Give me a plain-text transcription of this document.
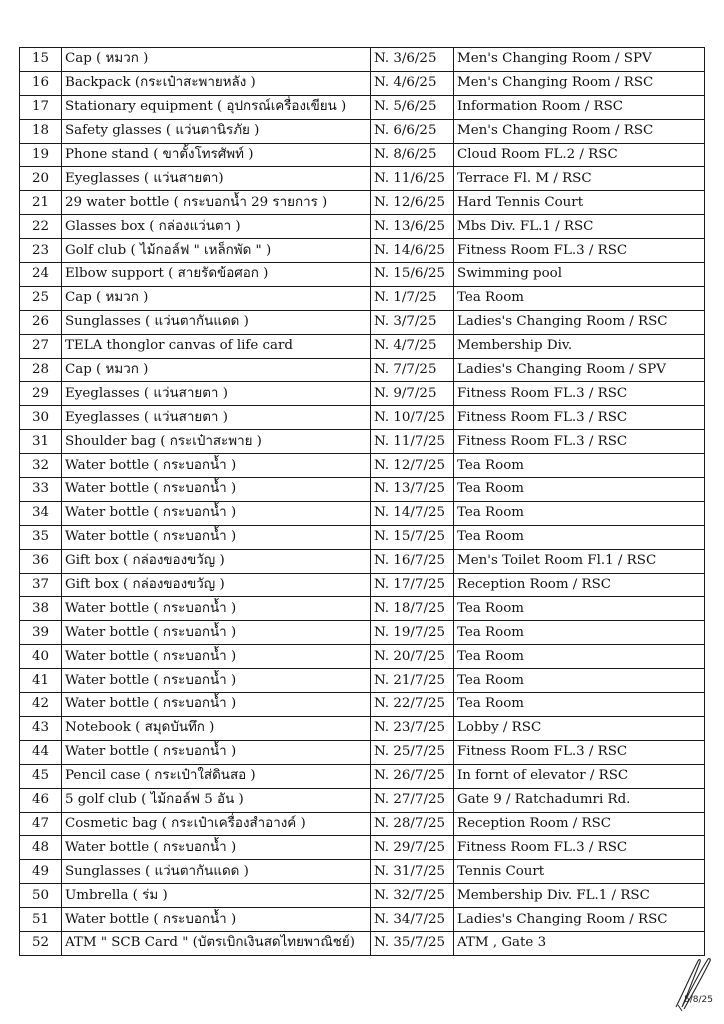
15	Cap ( หมวก )	N. 3/6/25	Men's Changing Room / SPV
16	Backpack (กระเป๋าสะพายหลัง )	N. 4/6/25	Men's Changing Room / RSC
17	Stationary equipment ( อุปกรณ์เครื่องเขียน )	N. 5/6/25	Information Room / RSC
18	Safety glasses ( แว่นตานิรภัย )	N. 6/6/25	Men's Changing Room / RSC
19	Phone stand ( ขาตั้งโทรศัพท์ )	N. 8/6/25	Cloud Room FL.2 / RSC
20	Eyeglasses ( แว่นสายตา)	N. 11/6/25	Terrace Fl. M / RSC
21	29 water bottle ( กระบอกน้ำ 29 รายการ )	N. 12/6/25	Hard Tennis Court
22	Glasses box ( กล่องแว่นตา )	N. 13/6/25	Mbs Div. FL.1 / RSC
23	Golf club ( ไม้กอล์ฟ " เหล็กพัด " )	N. 14/6/25	Fitness Room FL.3 / RSC
24	Elbow support ( สายรัดข้อศอก )	N. 15/6/25	Swimming pool
25	Cap ( หมวก )	N. 1/7/25	Tea Room
26	Sunglasses ( แว่นตากันแดด )	N. 3/7/25	Ladies's Changing Room / RSC
27	TELA thonglor canvas of life card	N. 4/7/25	Membership Div.
28	Cap ( หมวก )	N. 7/7/25	Ladies's Changing Room / SPV
29	Eyeglasses ( แว่นสายตา )	N. 9/7/25	Fitness Room FL.3 / RSC
30	Eyeglasses ( แว่นสายตา )	N. 10/7/25	Fitness Room FL.3 / RSC
31	Shoulder bag ( กระเป๋าสะพาย )	N. 11/7/25	Fitness Room FL.3 / RSC
32	Water bottle ( กระบอกน้ำ )	N. 12/7/25	Tea Room
33	Water bottle ( กระบอกน้ำ )	N. 13/7/25	Tea Room
34	Water bottle ( กระบอกน้ำ )	N. 14/7/25	Tea Room
35	Water bottle ( กระบอกน้ำ )	N. 15/7/25	Tea Room
36	Gift box ( กล่องของขวัญ )	N. 16/7/25	Men's Toilet Room Fl.1 / RSC
37	Gift box ( กล่องของขวัญ )	N. 17/7/25	Reception Room / RSC
38	Water bottle ( กระบอกน้ำ )	N. 18/7/25	Tea Room
39	Water bottle ( กระบอกน้ำ )	N. 19/7/25	Tea Room
40	Water bottle ( กระบอกน้ำ )	N. 20/7/25	Tea Room
41	Water bottle ( กระบอกน้ำ )	N. 21/7/25	Tea Room
42	Water bottle ( กระบอกน้ำ )	N. 22/7/25	Tea Room
43	Notebook ( สมุดบันทึก )	N. 23/7/25	Lobby / RSC
44	Water bottle ( กระบอกน้ำ )	N. 25/7/25	Fitness Room FL.3 / RSC
45	Pencil case ( กระเป๋าใส่ดินสอ )	N. 26/7/25	In fornt of elevator / RSC
46	5 golf club ( ไม้กอล์ฟ 5 อัน )	N. 27/7/25	Gate 9 / Ratchadumri Rd.
47	Cosmetic bag ( กระเป๋าเครื่องสำอางค์ )	N. 28/7/25	Reception Room / RSC
48	Water bottle ( กระบอกน้ำ )	N. 29/7/25	Fitness Room FL.3 / RSC
49	Sunglasses ( แว่นตากันแดด )	N. 31/7/25	Tennis Court
50	Umbrella ( ร่ม )	N. 32/7/25	Membership Div. FL.1 / RSC
51	Water bottle ( กระบอกน้ำ )	N. 34/7/25	Ladies's Changing Room / RSC
52	ATM " SCB Card " (บัตรเบิกเงินสดไทยพาณิชย์)	N. 35/7/25	ATM , Gate 3
5/8/25
